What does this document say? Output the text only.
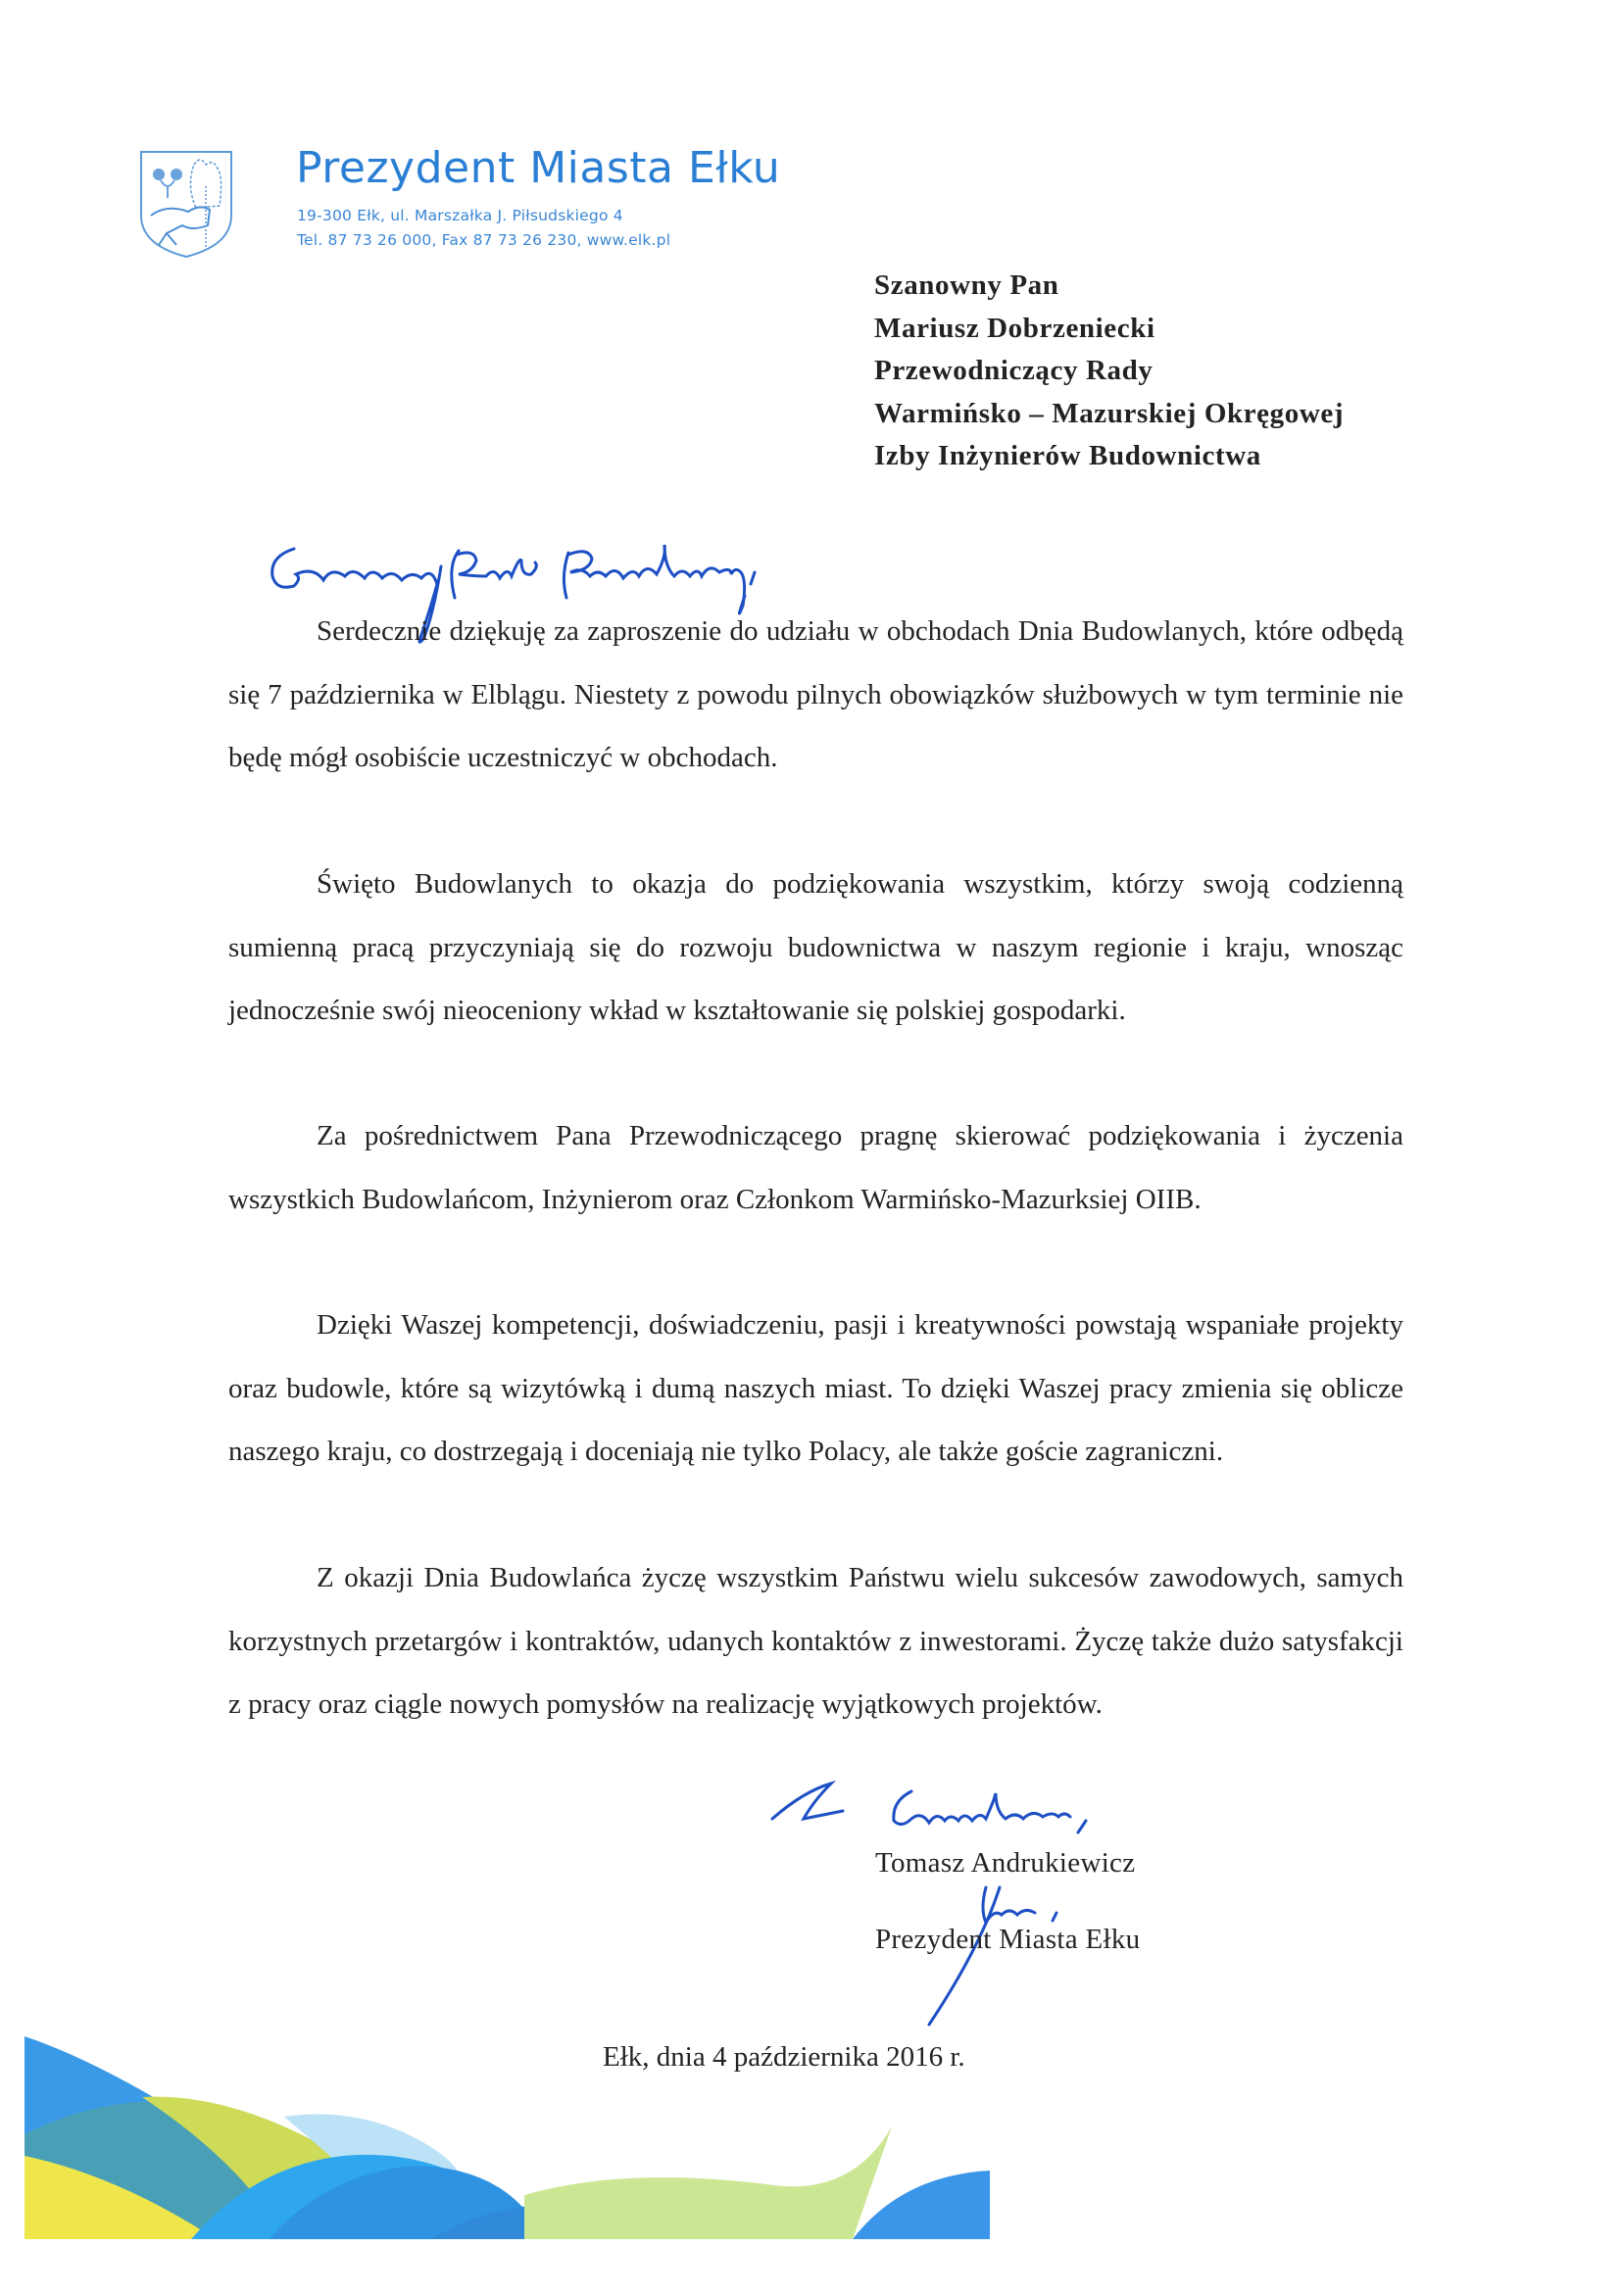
Prezydent Miasta Ełku
19-300 Ełk, ul. Marszałka J. Piłsudskiego 4
Tel. 87 73 26 000, Fax 87 73 26 230, www.elk.pl
Szanowny Pan
Mariusz Dobrzeniecki
Przewodniczący Rady
Warmińsko – Mazurskiej Okręgowej
Izby Inżynierów Budownictwa

Serdecznie dziękuję za zaproszenie do udziału w obchodach Dnia Budowlanych, które odbędą się 7 października w Elblągu. Niestety z powodu pilnych obowiązków służbowych w tym terminie nie będę mógł osobiście uczestniczyć w obchodach.

Święto Budowlanych to okazja do podziękowania wszystkim, którzy swoją codzienną sumienną pracą przyczyniają się do rozwoju budownictwa w naszym regionie i kraju, wnosząc jednocześnie swój nieoceniony wkład w kształtowanie się polskiej gospodarki.

Za pośrednictwem Pana Przewodniczącego pragnę skierować podziękowania i życzenia wszystkich Budowlańcom, Inżynierom oraz Członkom Warmińsko-Mazurksiej OIIB.

Dzięki Waszej kompetencji, doświadczeniu, pasji i kreatywności powstają wspaniałe projekty oraz budowle, które są wizytówką i dumą naszych miast. To dzięki Waszej pracy zmienia się oblicze naszego kraju, co dostrzegają i doceniają nie tylko Polacy, ale także goście zagraniczni.

Z okazji Dnia Budowlańca życzę wszystkim Państwu wielu sukcesów zawodowych, samych korzystnych przetargów i kontraktów, udanych kontaktów z inwestorami. Życzę także dużo satysfakcji z pracy oraz ciągle nowych pomysłów na realizację wyjątkowych projektów.

Tomasz Andrukiewicz
Prezydent Miasta Ełku
Ełk, dnia 4 października 2016 r.
